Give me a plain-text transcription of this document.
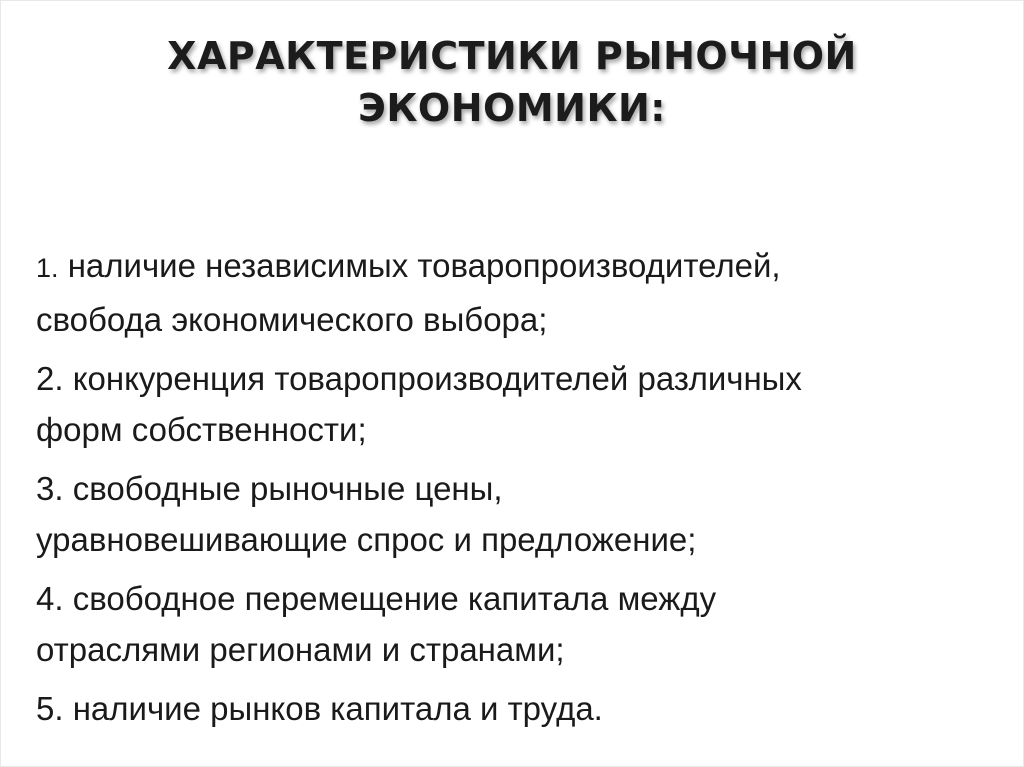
ХАРАКТЕРИСТИКИ РЫНОЧНОЙ
ЭКОНОМИКИ:
1. наличие независимых товаропроизводителей,
свобода экономического выбора;
2. конкуренция товаропроизводителей различных
форм собственности;
3. свободные рыночные цены,
уравновешивающие спрос и предложение;
4. свободное перемещение капитала между
отраслями регионами и странами;
5. наличие рынков капитала и труда.
